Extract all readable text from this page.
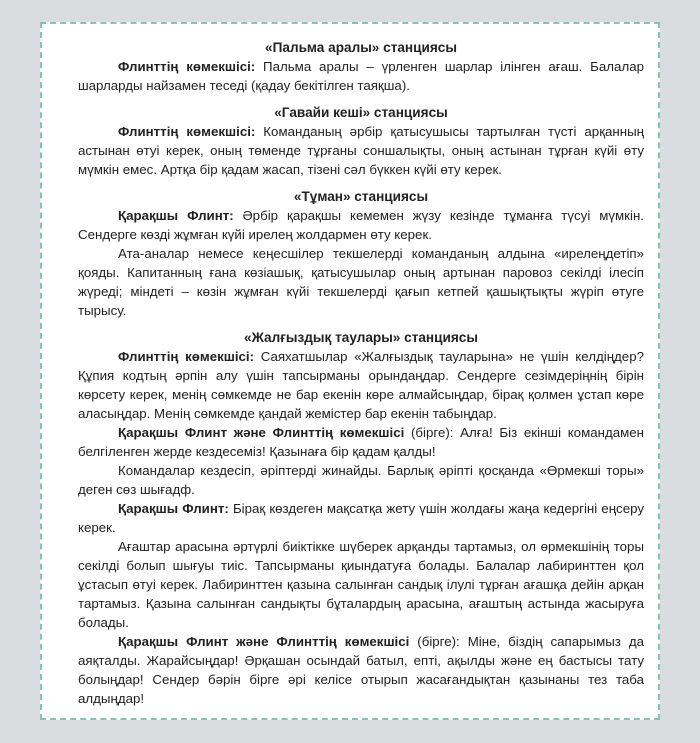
«Пальма аралы» станциясы

Флинттің көмекшісі: Пальма аралы – үрленген шарлар ілінген ағаш. Балалар шарларды найзамен теседі (қадау бекітілген таяқша).

«Гавайи кеші» станциясы

Флинттің көмекшісі: Команданың әрбір қатысушысы тартылған түсті арқанның астынан өтуі керек, оның төменде тұрғаны соншалықты, оның астынан тұрған күйі өту мүмкін емес. Артқа бір қадам жасап, тізені сәл бүккен күйі өту керек.

«Тұман» станциясы

Қарақшы Флинт: Әрбір қарақшы кемемен жүзу кезінде тұманға түсуі мүмкін. Сендерге көзді жұмған күйі ирелең жолдармен өту керек.

Ата-аналар немесе кеңесшілер текшелерді команданың алдына «ирелеңдетіп» қояды. Капитанның ғана көзіашық, қатысушылар оның артынан паровоз секілді ілесіп жүреді; міндеті – көзін жұмған күйі текшелерді қағып кетпей қашықтықты жүріп өтуге тырысу.

«Жалғыздық таулары» станциясы

Флинттің көмекшісі: Саяхатшылар «Жалғыздық тауларына» не үшін келдіңдер? Құпия кодтың әрпін алу үшін тапсырманы орындаңдар. Сендерге сезімдеріңнің бірін көрсету керек, менің сөмкемде не бар екенін көре алмайсыңдар, бірақ қолмен ұстап көре аласыңдар. Менің сөмкемде қандай жемістер бар екенін табыңдар.

Қарақшы Флинт және Флинттің көмекшісі (бірге): Алға! Біз екінші командамен белгіленген жерде кездесеміз! Қазынаға бір қадам қалды!

Командалар кездесіп, әріптерді жинайды. Барлық әріпті қосқанда «Өрмекші торы» деген сөз шығадф.

Қарақшы Флинт: Бірақ көздеген мақсатқа жету үшін жолдағы жаңа кедергіні еңсеру керек.

Ағаштар арасына әртүрлі биіктікке шүберек арқанды тартамыз, ол өрмекшінің торы секілді болып шығуы тиіс. Тапсырманы қиындатуға болады. Балалар лабиринттен қол ұстасып өтуі керек. Лабиринттен қазына салынған сандық ілулі тұрған ағашқа дейін арқан тартамыз. Қазына салынған сандықты бұталардың арасына, ағаштың астында жасыруға болады.

Қарақшы Флинт және Флинттің көмекшісі (бірге): Міне, біздің сапарымыз да аяқталды. Жарайсыңдар! Әрқашан осындай батыл, епті, ақылды және ең бастысы тату болыңдар! Сендер бәрін бірге әрі келісе отырып жасағандықтан қазынаны тез таба алдыңдар!
